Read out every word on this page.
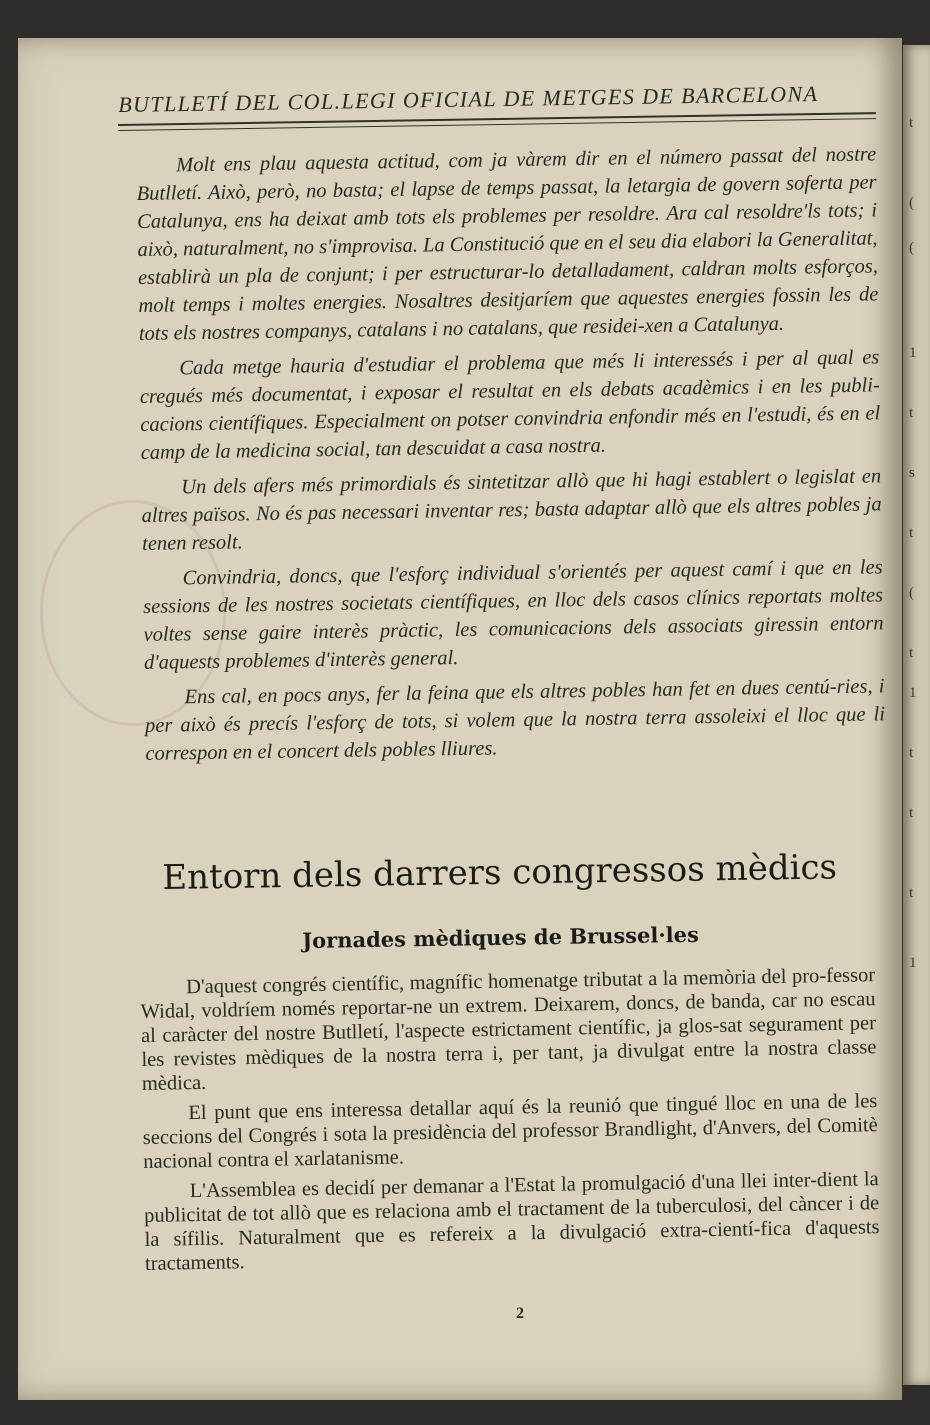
t
(
(
1
t
s
t
(
t
1
t
t
t
1
BUTLLETÍ DEL COL.LEGI OFICIAL DE METGES DE BARCELONA

Molt ens plau aquesta actitud, com ja vàrem dir en el número passat del nostre Butlletí. Això, però, no basta; el lapse de temps passat, la letargia de govern soferta per Catalunya, ens ha deixat amb tots els problemes per resoldre. Ara cal resoldre'ls tots; i això, naturalment, no s'improvisa. La Constitució que en el seu dia elabori la Generalitat, establirà un pla de conjunt; i per estructurar-lo detalladament, caldran molts esforços, molt temps i moltes energies. Nosaltres desitjaríem que aquestes energies fossin les de tots els nostres companys, catalans i no catalans, que residei-xen a Catalunya.

Cada metge hauria d'estudiar el problema que més li interessés i per al qual es cregués més documentat, i exposar el resultat en els debats acadèmics i en les publi-cacions científiques. Especialment on potser convindria enfondir més en l'estudi, és en el camp de la medicina social, tan descuidat a casa nostra.

Un dels afers més primordials és sintetitzar allò que hi hagi establert o legislat en altres països. No és pas necessari inventar res; basta adaptar allò que els altres pobles ja tenen resolt.

Convindria, doncs, que l'esforç individual s'orientés per aquest camí i que en les sessions de les nostres societats científiques, en lloc dels casos clínics reportats moltes voltes sense gaire interès pràctic, les comunicacions dels associats giressin entorn d'aquests problemes d'interès general.

Ens cal, en pocs anys, fer la feina que els altres pobles han fet en dues centú-ries, i per això és precís l'esforç de tots, si volem que la nostra terra assoleixi el lloc que li correspon en el concert dels pobles lliures.

Entorn dels darrers congressos mèdics
Jornades mèdiques de Brussel·les

D'aquest congrés científic, magnífic homenatge tributat a la memòria del pro-fessor Widal, voldríem només reportar-ne un extrem. Deixarem, doncs, de banda, car no escau al caràcter del nostre Butlletí, l'aspecte estrictament científic, ja glos-sat segurament per les revistes mèdiques de la nostra terra i, per tant, ja divulgat entre la nostra classe mèdica.

El punt que ens interessa detallar aquí és la reunió que tingué lloc en una de les seccions del Congrés i sota la presidència del professor Brandlight, d'Anvers, del Comitè nacional contra el xarlatanisme.

L'Assemblea es decidí per demanar a l'Estat la promulgació d'una llei inter-dient la publicitat de tot allò que es relaciona amb el tractament de la tuberculosi, del càncer i de la sífilis. Naturalment que es refereix a la divulgació extra-cientí-fica d'aquests tractaments.

2
